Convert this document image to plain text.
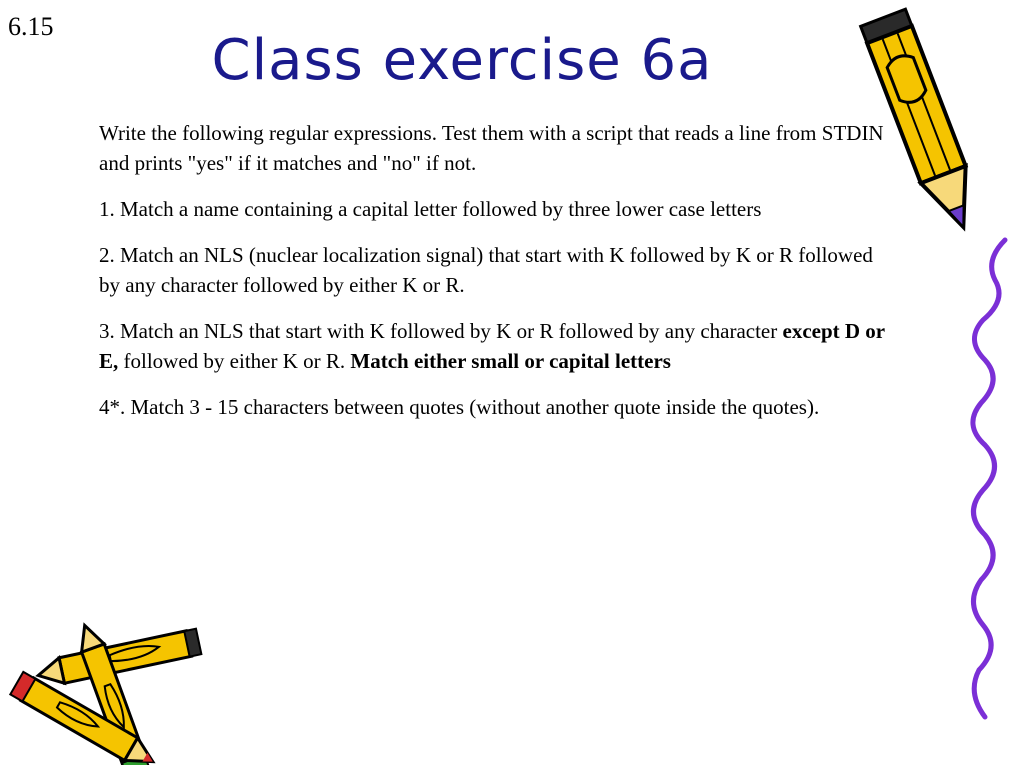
6.15
Class exercise 6a

Write the following regular expressions. Test them with a script that reads a line from STDIN and prints "yes" if it matches and "no" if not.

1. Match a name containing a capital letter followed by three lower case letters

2. Match an NLS (nuclear localization signal) that start with K followed by K or R followed by any character followed by either K or R.

3. Match an NLS that start with K followed by K or R followed by any character except D or E, followed by either K or R. Match either small or capital letters

4*. Match 3 - 15 characters between quotes (without another quote inside the quotes).
